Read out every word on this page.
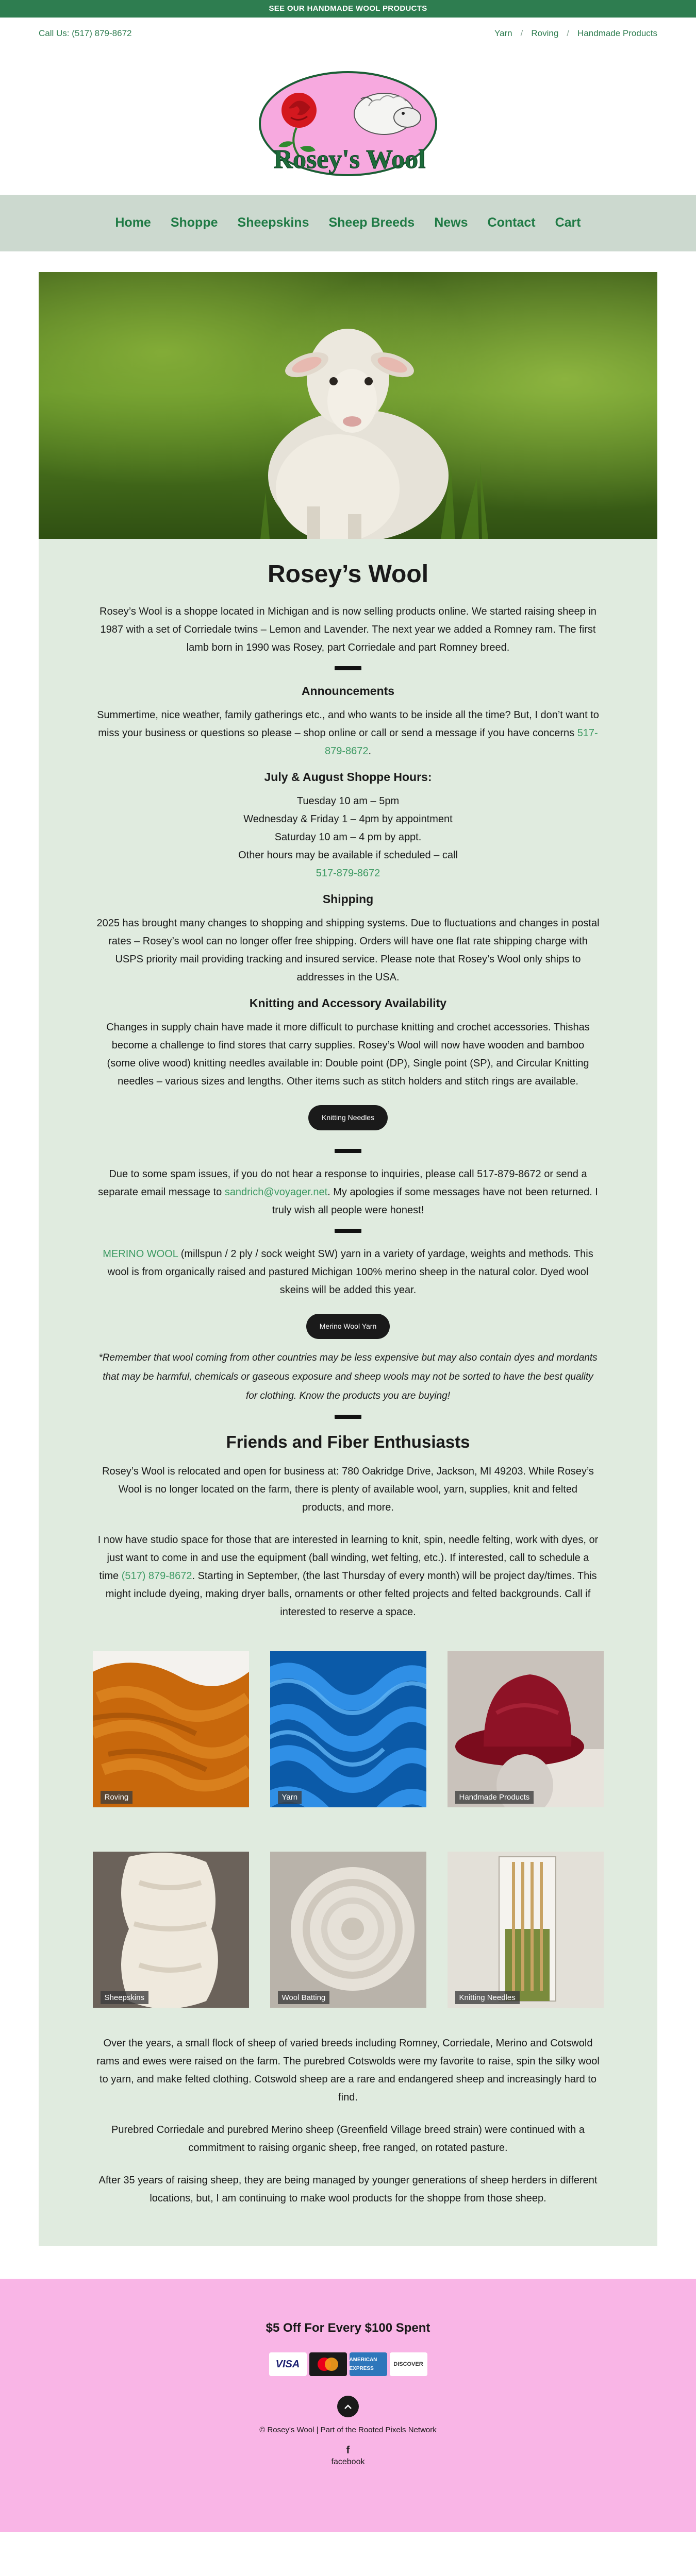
SEE OUR HANDMADE WOOL PRODUCTS
Call Us: (517) 879-8672	Yarn / Roving / Handmade Products
Rosey's Wool
Home Shoppe Sheepskins Sheep Breeds News Contact Cart
Rosey’s Wool

Rosey’s Wool is a shoppe located in Michigan and is now selling products online. We started raising sheep in 1987 with a set of Corriedale twins – Lemon and Lavender. The next year we added a Romney ram. The first lamb born in 1990 was Rosey, part Corriedale and part Romney breed.

Announcements

Summertime, nice weather, family gatherings etc., and who wants to be inside all the time? But, I don’t want to miss your business or questions so please – shop online or call or send a message if you have concerns 517-879-8672.

July & August Shoppe Hours:

Tuesday 10 am – 5pm
Wednesday & Friday 1 – 4pm by appointment
Saturday 10 am – 4 pm by appt.
Other hours may be available if scheduled – call
517-879-8672

Shipping

2025 has brought many changes to shopping and shipping systems. Due to fluctuations and changes in postal rates – Rosey’s wool can no longer offer free shipping. Orders will have one flat rate shipping charge with USPS priority mail providing tracking and insured service. Please note that Rosey’s Wool only ships to addresses in the USA.

Knitting and Accessory Availability

Changes in supply chain have made it more difficult to purchase knitting and crochet accessories. Thishas become a challenge to find stores that carry supplies. Rosey’s Wool will now have wooden and bamboo (some olive wood) knitting needles available in: Double point (DP), Single point (SP), and Circular Knitting needles – various sizes and lengths. Other items such as stitch holders and stitch rings are available.

Knitting Needles

Due to some spam issues, if you do not hear a response to inquiries, please call 517-879-8672 or send a separate email message to sandrich@voyager.net. My apologies if some messages have not been returned. I truly wish all people were honest!

MERINO WOOL (millspun / 2 ply / sock weight SW) yarn in a variety of yardage, weights and methods. This wool is from organically raised and pastured Michigan 100% merino sheep in the natural color. Dyed wool skeins will be added this year.

Merino Wool Yarn

*Remember that wool coming from other countries may be less expensive but may also contain dyes and mordants that may be harmful, chemicals or gaseous exposure and sheep wools may not be sorted to have the best quality for clothing. Know the products you are buying!

Friends and Fiber Enthusiasts

Rosey’s Wool is relocated and open for business at: 780 Oakridge Drive, Jackson, MI 49203. While Rosey’s Wool is no longer located on the farm, there is plenty of available wool, yarn, supplies, knit and felted products, and more.

I now have studio space for those that are interested in learning to knit, spin, needle felting, work with dyes, or just want to come in and use the equipment (ball winding, wet felting, etc.). If interested, call to schedule a time (517) 879-8672. Starting in September, (the last Thursday of every month) will be project day/times. This might include dyeing, making dryer balls, ornaments or other felted projects and felted backgrounds. Call if interested to reserve a space.

Roving	Yarn	Handmade Products
Sheepskins	Wool Batting	Knitting Needles

Over the years, a small flock of sheep of varied breeds including Romney, Corriedale, Merino and Cotswold rams and ewes were raised on the farm. The purebred Cotswolds were my favorite to raise, spin the silky wool to yarn, and make felted clothing. Cotswold sheep are a rare and endangered sheep and increasingly hard to find.

Purebred Corriedale and purebred Merino sheep (Greenfield Village breed strain) were continued with a commitment to raising organic sheep, free ranged, on rotated pasture.

After 35 years of raising sheep, they are being managed by younger generations of sheep herders in different locations, but, I am continuing to make wool products for the shoppe from those sheep.

$5 Off For Every $100 Spent
VISA	AMERICAN EXPRESS
DISCOVER
© Rosey's Wool | Part of the Rooted Pixels Network
f
facebook
